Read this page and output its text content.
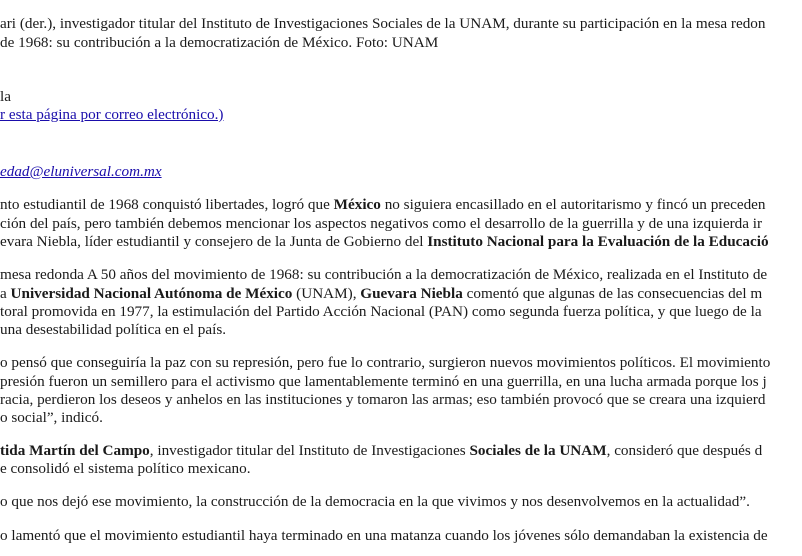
ari (der.), investigador titular del Instituto de Investigaciones Sociales de la UNAM, durante su participación en la mesa redon
de 1968: su contribución a la democratización de México. Foto: UNAM
la
r esta página por correo electrónico.)
edad@eluniversal.com.mx
nto estudiantil de 1968 conquistó libertades, logró que México no siguiera encasillado en el autoritarismo y fincó un preceden
ción del país, pero también debemos mencionar los aspectos negativos como el desarrollo de la guerrilla y de una izquierda ir
evara Niebla, líder estudiantil y consejero de la Junta de Gobierno del Instituto Nacional para la Evaluación de la Educació
mesa redonda A 50 años del movimiento de 1968: su contribución a la democratización de México, realizada en el Instituto de
a Universidad Nacional Autónoma de México (UNAM), Guevara Niebla comentó que algunas de las consecuencias del m
toral promovida en 1977, la estimulación del Partido Acción Nacional (PAN) como segunda fuerza política, y que luego de la
una desestabilidad política en el país.
o pensó que conseguiría la paz con su represión, pero fue lo contrario, surgieron nuevos movimientos políticos. El movimiento
presión fueron un semillero para el activismo que lamentablemente terminó en una guerrilla, en una lucha armada porque los j
racia, perdieron los deseos y anhelos en las instituciones y tomaron las armas; eso también provocó que se creara una izquierd
o social”, indicó.
tida Martín del Campo, investigador titular del Instituto de Investigaciones Sociales de la UNAM, consideró que después d
e consolidó el sistema político mexicano.
o que nos dejó ese movimiento, la construcción de la democracia en la que vivimos y nos desenvolvemos en la actualidad”.
o lamentó que el movimiento estudiantil haya terminado en una matanza cuando los jóvenes sólo demandaban la existencia de
